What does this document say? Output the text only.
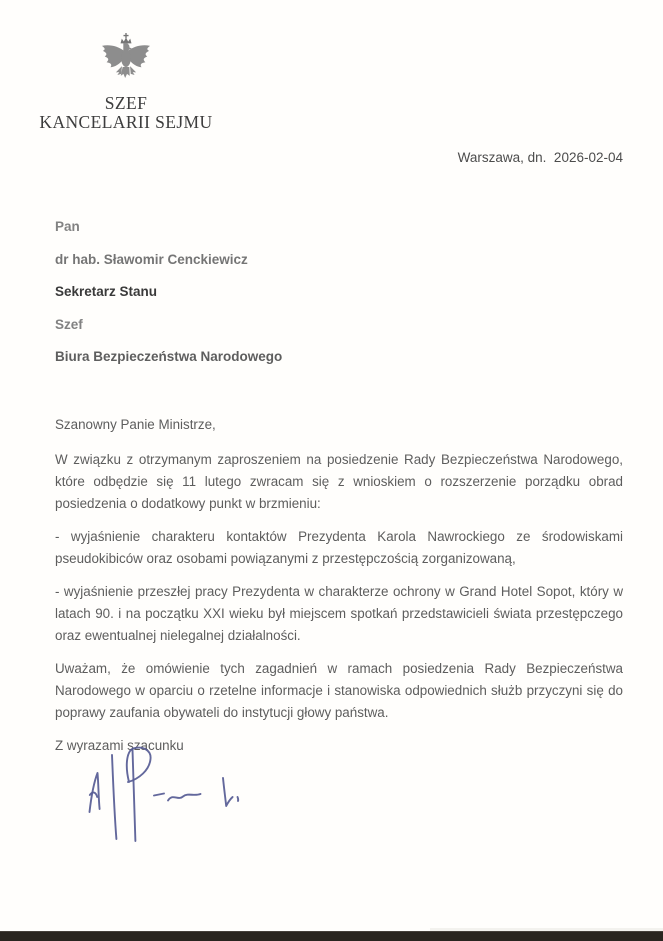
SZEF
KANCELARII SEJMU
Warszawa, dn.  2026-02-04
Pan
dr hab. Sławomir Cenckiewicz
Sekretarz Stanu
Szef
Biura Bezpieczeństwa Narodowego

Szanowny Panie Ministrze,

W związku z otrzymanym zaproszeniem na posiedzenie Rady Bezpieczeństwa Narodowego, które odbędzie się 11 lutego zwracam się z wnioskiem o rozszerzenie porządku obrad posiedzenia o dodatkowy punkt w brzmieniu:

- wyjaśnienie charakteru kontaktów Prezydenta Karola Nawrockiego ze środowiskami pseudokibiców oraz osobami powiązanymi z przestępczością zorganizowaną,

- wyjaśnienie przeszłej pracy Prezydenta w charakterze ochrony w Grand Hotel Sopot, który w latach 90. i na początku XXI wieku był miejscem spotkań przedstawicieli świata przestępczego oraz ewentualnej nielegalnej działalności.

Uważam, że omówienie tych zagadnień w ramach posiedzenia Rady Bezpieczeństwa Narodowego w oparciu o rzetelne informacje i stanowiska odpowiednich służb przyczyni się do poprawy zaufania obywateli do instytucji głowy państwa.

Z wyrazami szacunku
